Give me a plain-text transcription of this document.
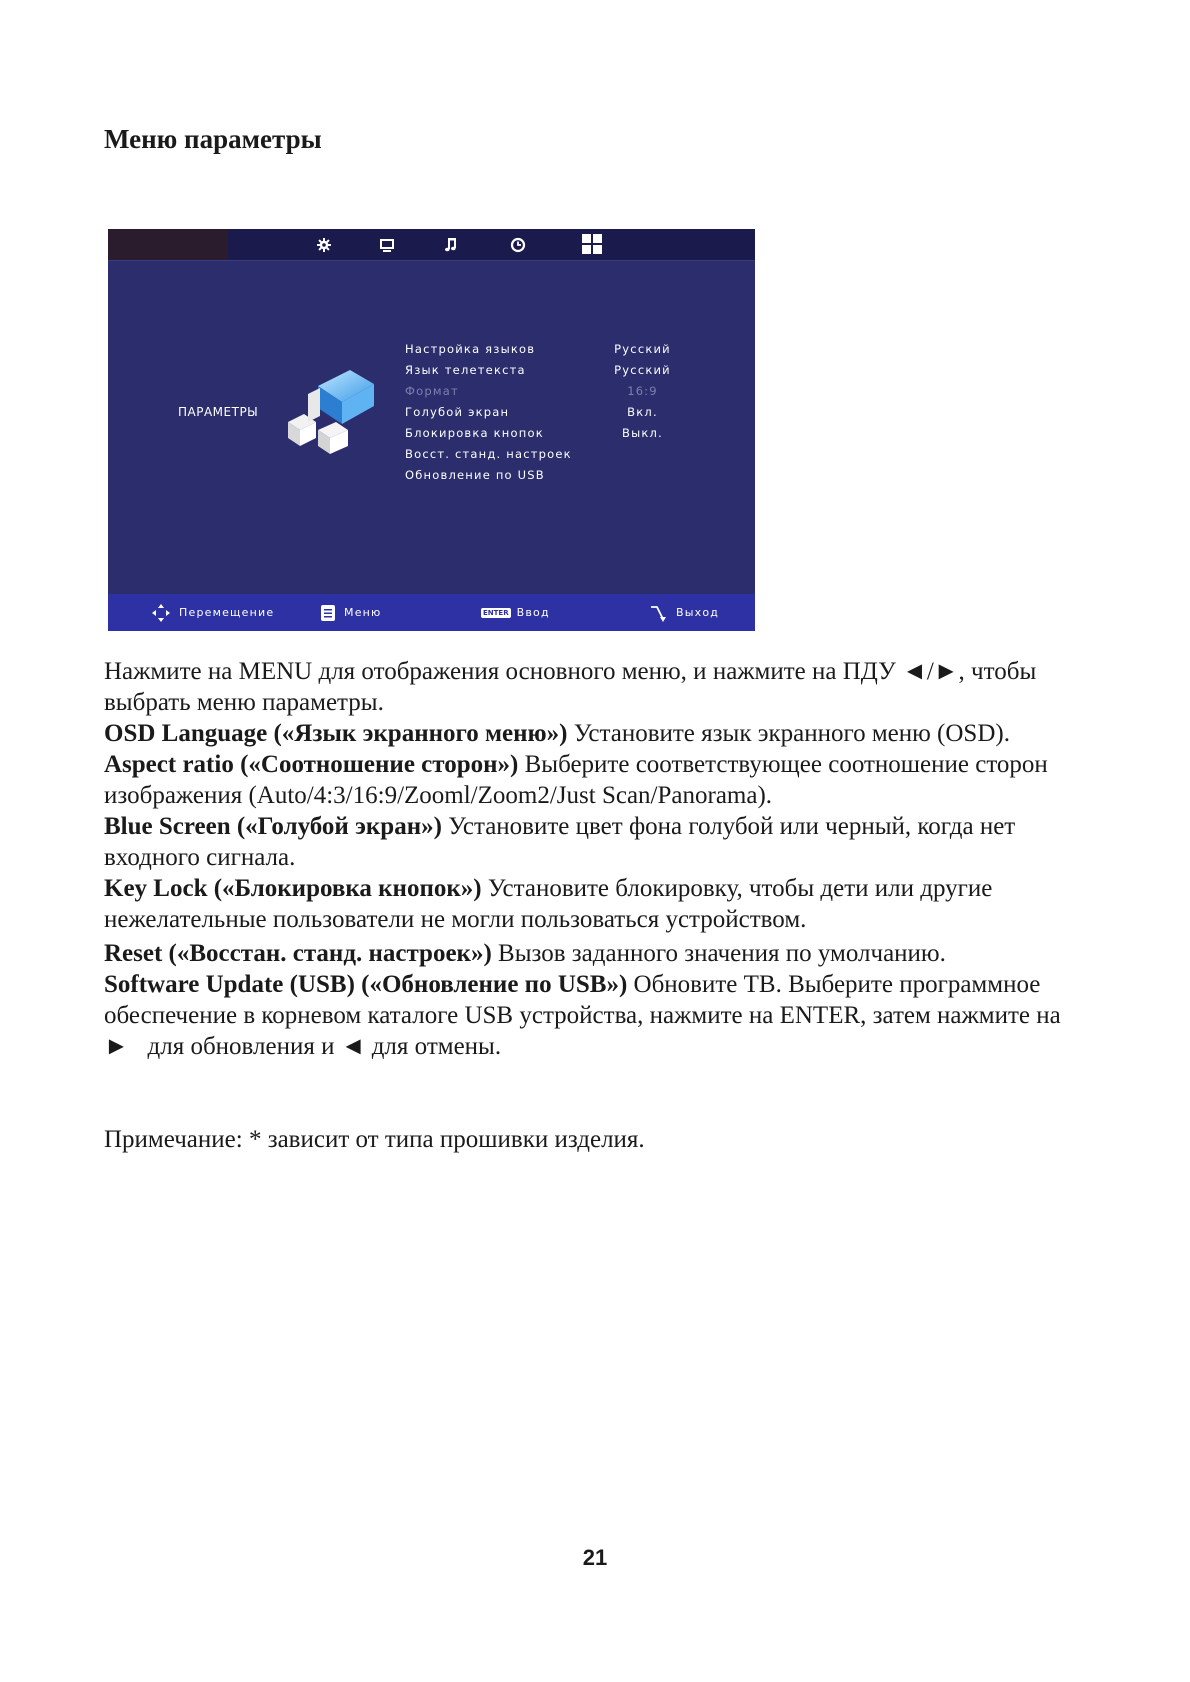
Меню параметры
ПАРАМЕТРЫ
Настройка языков	Русский
Язык телетекста	Русский
Формат	16:9
Голубой экран	Вкл.
Блокировка кнопок	Выкл.
Восст. станд. настроек
Обновление по USB
Перемещение	Меню	ENTER Ввод	Выход

Нажмите на MENU для отображения основного меню, и нажмите на ПДУ ◄/►, чтобы выбрать меню параметры.

OSD Language («Язык экранного меню») Установите язык экранного меню (OSD).

Aspect ratio («Соотношение сторон») Выберите соответствующее соотношение сторон изображения (Auto/4:3/16:9/Zooml/Zoom2/Just Scan/Panorama).

Blue Screen («Голубой экран») Установите цвет фона голубой или черный, когда нет входного сигнала.

Key Lock («Блокировка кнопок») Установите блокировку, чтобы дети или другие нежелательные пользователи не могли пользоваться устройством.

Reset («Восстан. станд. настроек») Вызов заданного значения по умолчанию.

Software Update (USB) («Обновление по USB») Обновите ТВ. Выберите программное обеспечение в корневом каталоге USB устройства, нажмите на ENTER, затем нажмите на   ►   для обновления и ◄ для отмены.

Примечание: * зависит от типа прошивки изделия.

21
